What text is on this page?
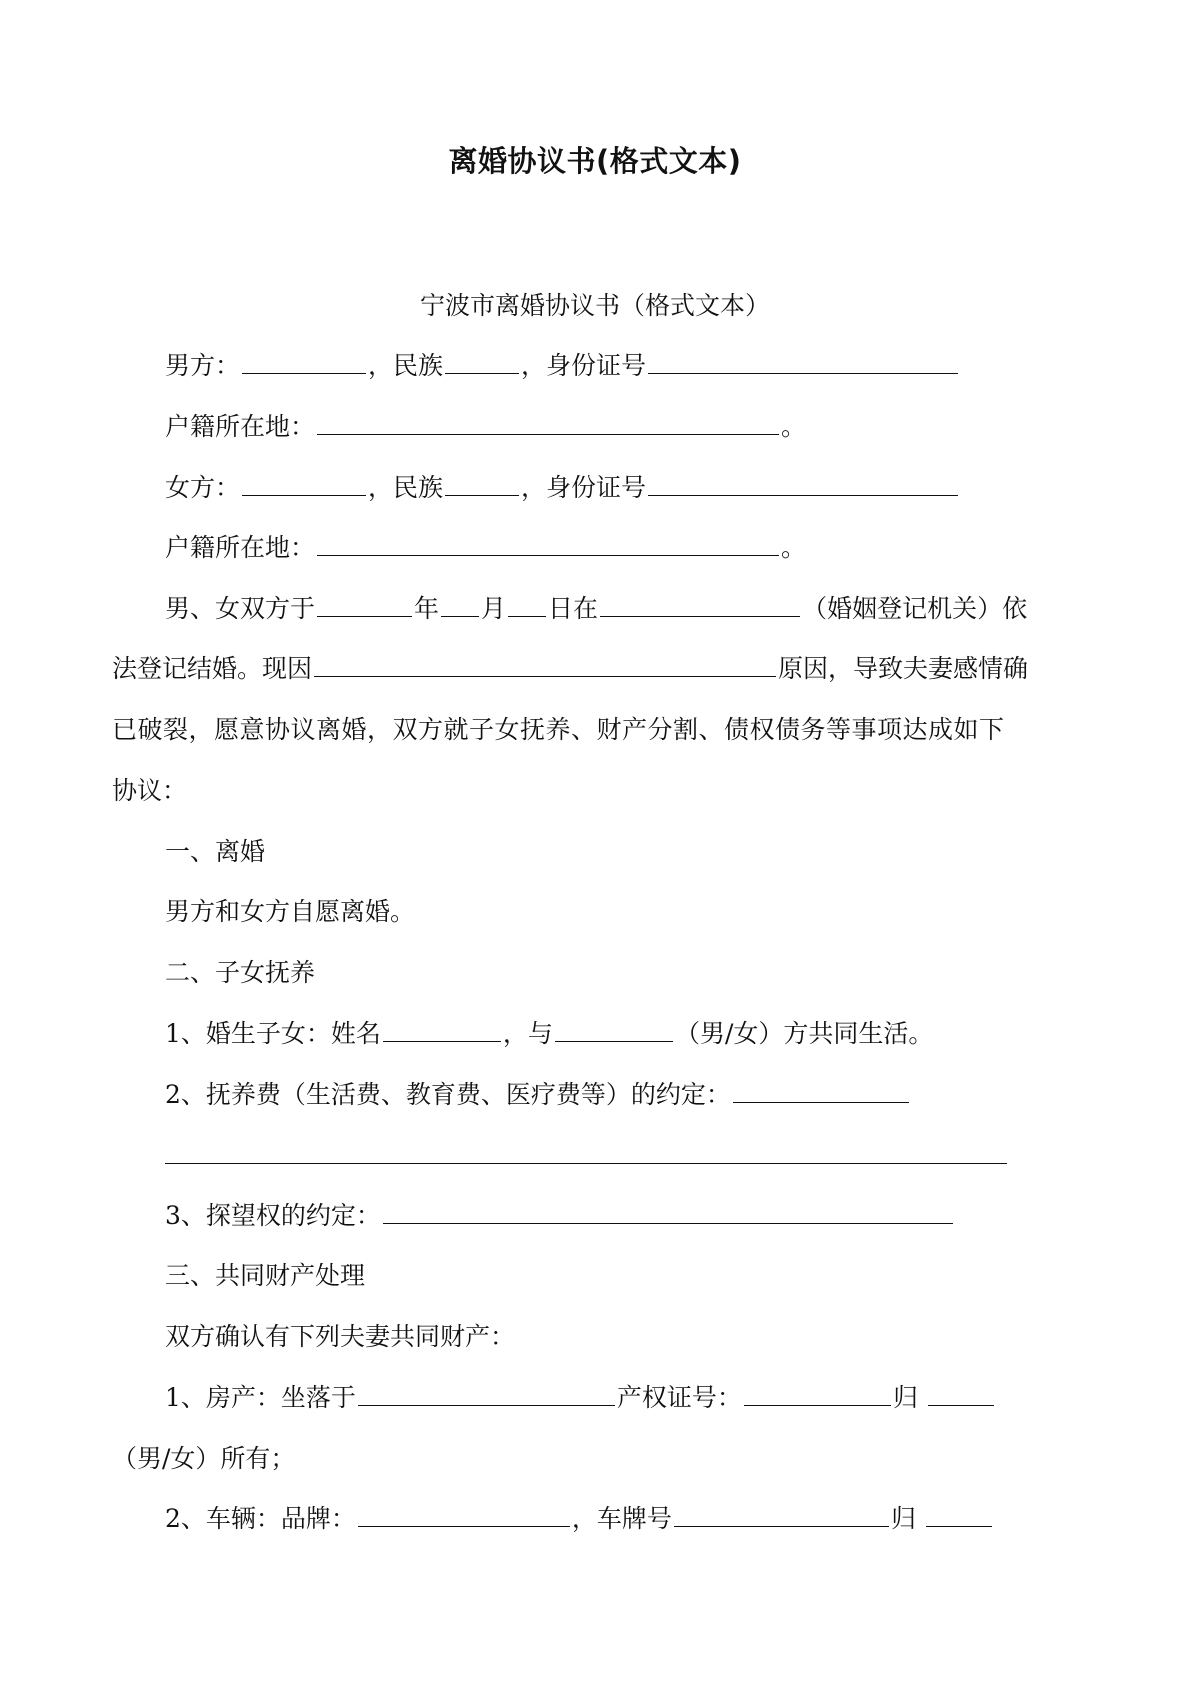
离婚协议书(格式文本)
宁波市离婚协议书（格式文本）
男方：	，民族	，身份证号
户籍所在地：	。
女方：	，民族	，身份证号
户籍所在地：	。
男、女双方于	年 月 日在	（婚姻登记机关）依
法登记结婚。现因	原因，导致夫妻感情确
已破裂，愿意协议离婚，双方就子女抚养、财产分割、债权债务等事项达成如下
协议：
一、离婚
男方和女方自愿离婚。
二、子女抚养
1、婚生子女：姓名	，与	（男/女）方共同生活。
2、抚养费（生活费、教育费、医疗费等）的约定：
3、探望权的约定：
三、共同财产处理
双方确认有下列夫妻共同财产：
1、房产：坐落于	产权证号：	归
（男/女）所有；
2、车辆：品牌：	，车牌号	归
